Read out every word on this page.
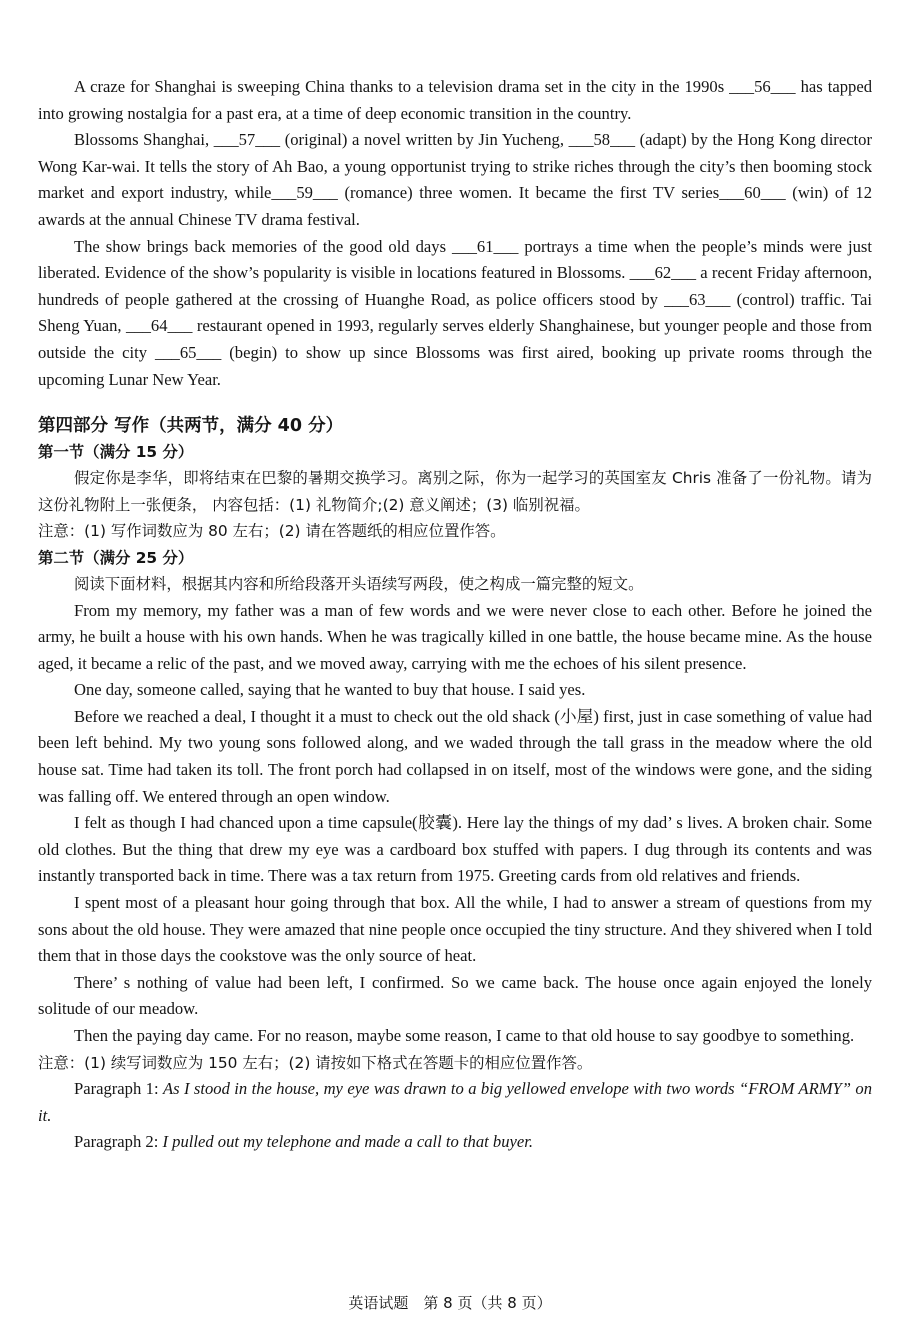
A craze for Shanghai is sweeping China thanks to a television drama set in the city in the 1990s ___56___ has tapped into growing nostalgia for a past era, at a time of deep economic transition in the country.

Blossoms Shanghai, ___57___ (original) a novel written by Jin Yucheng, ___58___ (adapt) by the Hong Kong director Wong Kar-wai. It tells the story of Ah Bao, a young opportunist trying to strike riches through the city’s then booming stock market and export industry, while___59___ (romance) three women. It became the first TV series___60___ (win) of 12 awards at the annual Chinese TV drama festival.

The show brings back memories of the good old days ___61___ portrays a time when the people’s minds were just liberated. Evidence of the show’s popularity is visible in locations featured in Blossoms. ___62___ a recent Friday afternoon, hundreds of people gathered at the crossing of Huanghe Road, as police officers stood by ___63___ (control) traffic. Tai Sheng Yuan, ___64___ restaurant opened in 1993, regularly serves elderly Shanghainese, but younger people and those from outside the city ___65___ (begin) to show up since Blossoms was first aired, booking up private rooms through the upcoming Lunar New Year.

第四部分 写作（共两节，满分 40 分）
第一节（满分 15 分）

假定你是李华，即将结束在巴黎的暑期交换学习。离别之际，你为一起学习的英国室友 Chris 准备了一份礼物。请为这份礼物附上一张便条， 内容包括：(1) 礼物简介;(2) 意义阐述；(3) 临别祝福。

注意：(1) 写作词数应为 80 左右；(2) 请在答题纸的相应位置作答。

第二节（满分 25 分）

阅读下面材料，根据其内容和所给段落开头语续写两段，使之构成一篇完整的短文。

From my memory, my father was a man of few words and we were never close to each other. Before he joined the army, he built a house with his own hands. When he was tragically killed in one battle, the house became mine. As the house aged, it became a relic of the past, and we moved away, carrying with me the echoes of his silent presence.

One day, someone called, saying that he wanted to buy that house. I said yes.

Before we reached a deal, I thought it a must to check out the old shack (小屋) first, just in case something of value had been left behind. My two young sons followed along, and we waded through the tall grass in the meadow where the old house sat. Time had taken its toll. The front porch had collapsed in on itself, most of the windows were gone, and the siding was falling off. We entered through an open window.

I felt as though I had chanced upon a time capsule(胶囊). Here lay the things of my dad’ s lives. A broken chair. Some old clothes. But the thing that drew my eye was a cardboard box stuffed with papers. I dug through its contents and was instantly transported back in time. There was a tax return from 1975. Greeting cards from old relatives and friends.

I spent most of a pleasant hour going through that box. All the while, I had to answer a stream of questions from my sons about the old house. They were amazed that nine people once occupied the tiny structure. And they shivered when I told them that in those days the cookstove was the only source of heat.

There’ s nothing of value had been left, I confirmed. So we came back. The house once again enjoyed the lonely solitude of our meadow.

Then the paying day came. For no reason, maybe some reason, I came to that old house to say goodbye to something.

注意：(1) 续写词数应为 150 左右；(2) 请按如下格式在答题卡的相应位置作答。

Paragraph 1: As I stood in the house, my eye was drawn to a big yellowed envelope with two words “FROM ARMY” on it.

Paragraph 2: I pulled out my telephone and made a call to that buyer.

英语试题　第 8 页（共 8 页）
